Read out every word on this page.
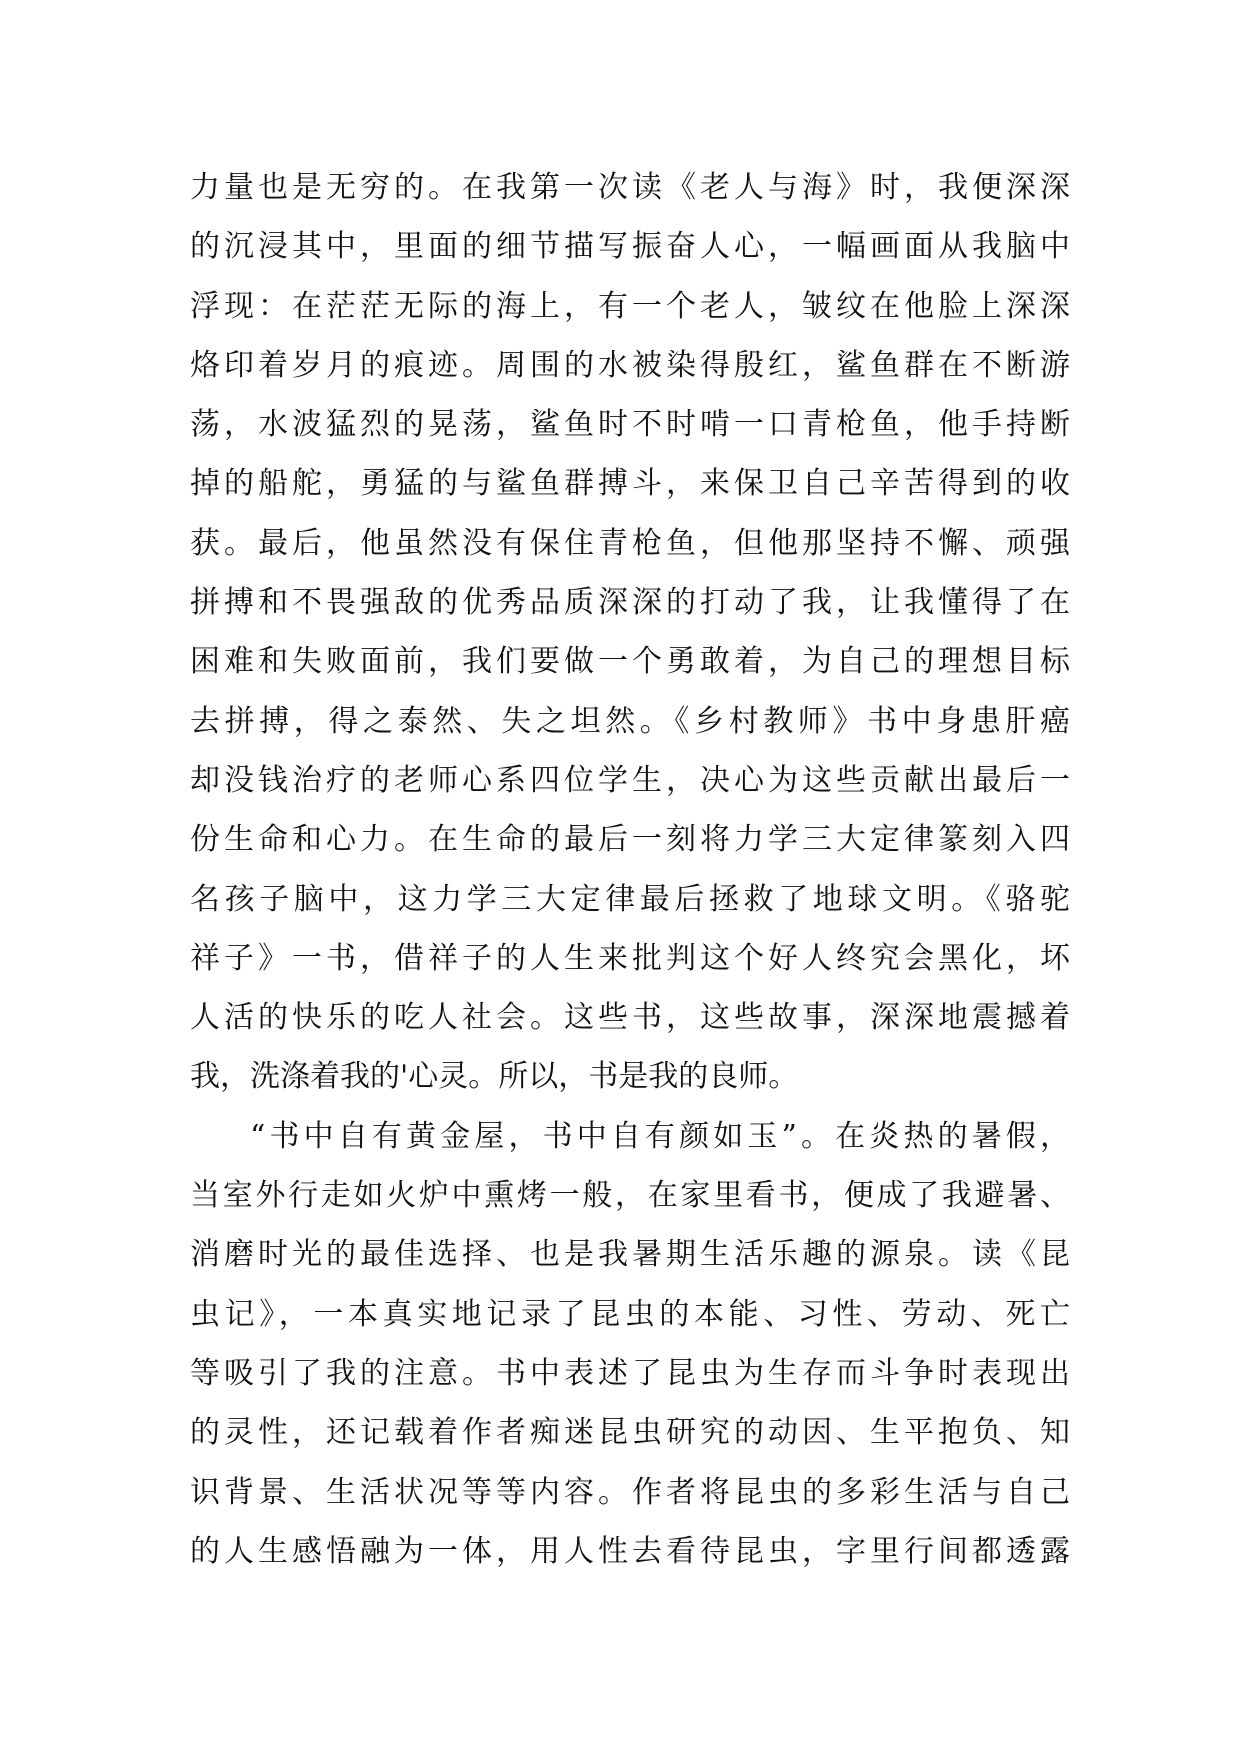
力量也是无穷的。在我第一次读《老人与海》时，我便深深
的沉浸其中，里面的细节描写振奋人心，一幅画面从我脑中
浮现：在茫茫无际的海上，有一个老人，皱纹在他脸上深深
烙印着岁月的痕迹。周围的水被染得殷红，鲨鱼群在不断游
荡，水波猛烈的晃荡，鲨鱼时不时啃一口青枪鱼，他手持断
掉的船舵，勇猛的与鲨鱼群搏斗，来保卫自己辛苦得到的收
获。最后，他虽然没有保住青枪鱼，但他那坚持不懈、顽强
拼搏和不畏强敌的优秀品质深深的打动了我，让我懂得了在
困难和失败面前，我们要做一个勇敢着，为自己的理想目标
去拼搏，得之泰然、失之坦然。《乡村教师》书中身患肝癌
却没钱治疗的老师心系四位学生，决心为这些贡献出最后一
份生命和心力。在生命的最后一刻将力学三大定律篆刻入四
名孩子脑中，这力学三大定律最后拯救了地球文明。《骆驼
祥子》一书，借祥子的人生来批判这个好人终究会黑化，坏
人活的快乐的吃人社会。这些书，这些故事，深深地震撼着
我，洗涤着我的'心灵。所以，书是我的良师。
“书中自有黄金屋，书中自有颜如玉”。在炎热的暑假，
当室外行走如火炉中熏烤一般，在家里看书，便成了我避暑、
消磨时光的最佳选择、也是我暑期生活乐趣的源泉。读《昆
虫记》，一本真实地记录了昆虫的本能、习性、劳动、死亡
等吸引了我的注意。书中表述了昆虫为生存而斗争时表现出
的灵性，还记载着作者痴迷昆虫研究的动因、生平抱负、知
识背景、生活状况等等内容。作者将昆虫的多彩生活与自己
的人生感悟融为一体，用人性去看待昆虫，字里行间都透露
